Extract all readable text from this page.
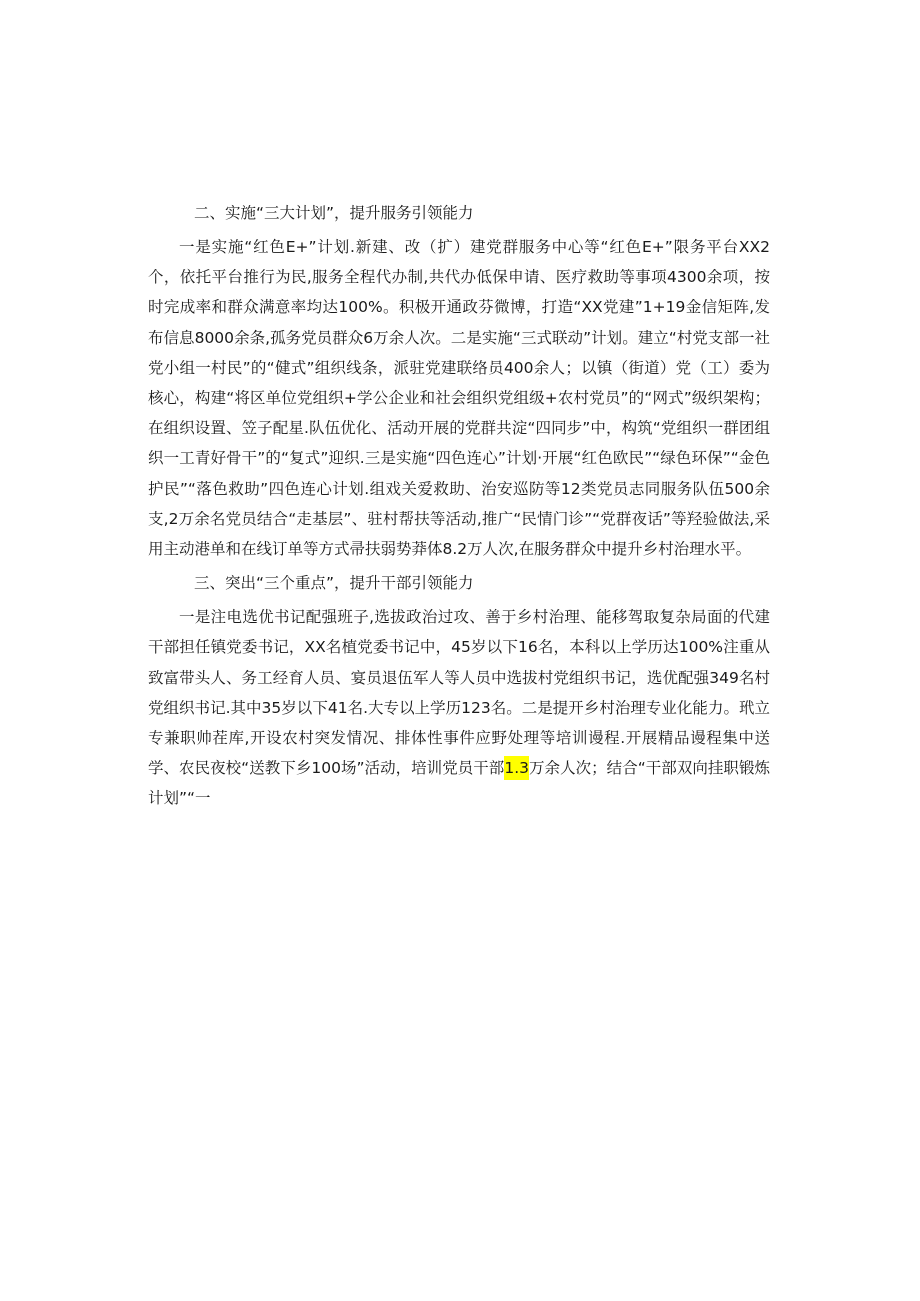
二、实施“三大计划”，提升服务引领能力

一是实施“红色E+”计划.新建、改（扩）建党群服务中心等“红色E+”限务平台XX2个，依托平台推行为民,服务全程代办制,共代办低保申请、医疗救助等事项4300余项，按时完成率和群众满意率均达100%。积极开通政芬微博，打造“XX党建”1+19金信矩阵,发布信息8000余条,孤务党员群众6万余人次。二是实施“三式联动”计划。建立“村党支部一社党小组一村民”的“健式”组织线条，派驻党建联络员400余人；以镇（街道）党（工）委为核心，构建“将区单位党组织+学公企业和社会组织党组级+农村党员”的“网式”级织架构；在组织设置、笠子配星.队伍优化、活动开展的党群共淀“四同步”中，构筑“党组织一群团组织一工青好骨干”的“复式”迎织.三是实施“四色连心”计划·开展“红色欧民”“绿色环保”“金色护民”“落色救助”四色连心计划.组戏关爱救助、治安巡防等12类党员志同服务队伍500余支,2万余名党员结合“走基层”、驻村帮扶等活动,推广“民情门诊”“党群夜话”等羟验做法,采用主动港单和在线订单等方式帚扶弱势莽体8.2万人次,在服务群众中提升乡村治理水平。

三、突出“三个重点”，提升干部引领能力

一是注电选优书记配强班子,选拔政治过攻、善于乡村治理、能移驾取复杂局面的代建干部担任镇党委书记，XX名植党委书记中，45岁以下16名，本科以上学历达100%注重从致富带头人、务工经育人员、宴员退伍军人等人员中选拔村党组织书记，选优配强349名村党组织书记.其中35岁以下41名.大专以上学历123名。二是提开乡村治理专业化能力。玳立专兼职帅茬库,开设农村突发情况、排体性事件应野处理等培训谩程.开展精品谩程集中送学、农民夜校“送教下乡100场”活动，培训党员干部1.3万余人次；结合“干部双向挂职锻炼计划”“一
